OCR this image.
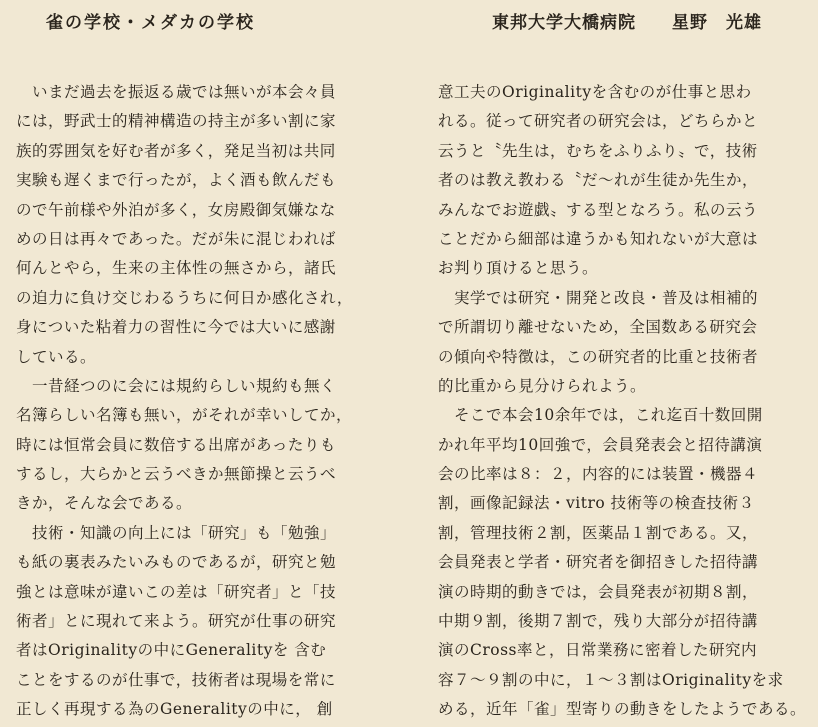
雀の学校・メダカの学校	東邦大学大橋病院　　星野　光雄
　いまだ過去を振返る歳では無いが本会々員
には，野武士的精神構造の持主が多い割に家
族的雰囲気を好む者が多く，発足当初は共同
実験も遅くまで行ったが，よく酒も飲んだも
ので午前様や外泊が多く，女房殿御気嫌なな
めの日は再々であった。だが朱に混じわれば
何んとやら，生来の主体性の無さから，諸氏
の迫力に負け交じわるうちに何日か感化され，
身についた粘着力の習性に今では大いに感謝
している。
　一昔経つのに会には規約らしい規約も無く
名簿らしい名簿も無い，がそれが幸いしてか，
時には恒常会員に数倍する出席があったりも
するし，大らかと云うべきか無節操と云うべ
きか，そんな会である。
　技術・知識の向上には「研究」も「勉強」
も紙の裏表みたいみものであるが，研究と勉
強とは意味が違いこの差は「研究者」と「技
術者」とに現れて来よう。研究が仕事の研究
者はOriginalityの中にGeneralityを 含む
ことをするのが仕事で，技術者は現場を常に
正しく再現する為のGeneralityの中に， 創
意工夫のOriginalityを含むのが仕事と思わ
れる。従って研究者の研究会は，どちらかと
云うと〝先生は，むちをふりふり〟で，技術
者のは教え教わる〝だ～れが生徒か先生か，
みんなでお遊戯〟する型となろう。私の云う
ことだから細部は違うかも知れないが大意は
お判り頂けると思う。
　実学では研究・開発と改良・普及は相補的
で所謂切り離せないため，全国数ある研究会
の傾向や特徴は，この研究者的比重と技術者
的比重から見分けられよう。
　そこで本会10余年では，これ迄百十数回開
かれ年平均10回強で，会員発表会と招待講演
会の比率は８：２，内容的には装置・機器４
割，画像記録法・vitro 技術等の検査技術３
割，管理技術２割，医薬品１割である。又，
会員発表と学者・研究者を御招きした招待講
演の時期的動きでは，会員発表が初期８割，
中期９割，後期７割で，残り大部分が招待講
演のCross率と，日常業務に密着した研究内
容７～９割の中に，１～３割はOriginalityを求
める，近年「雀」型寄りの動きをしたようである。
